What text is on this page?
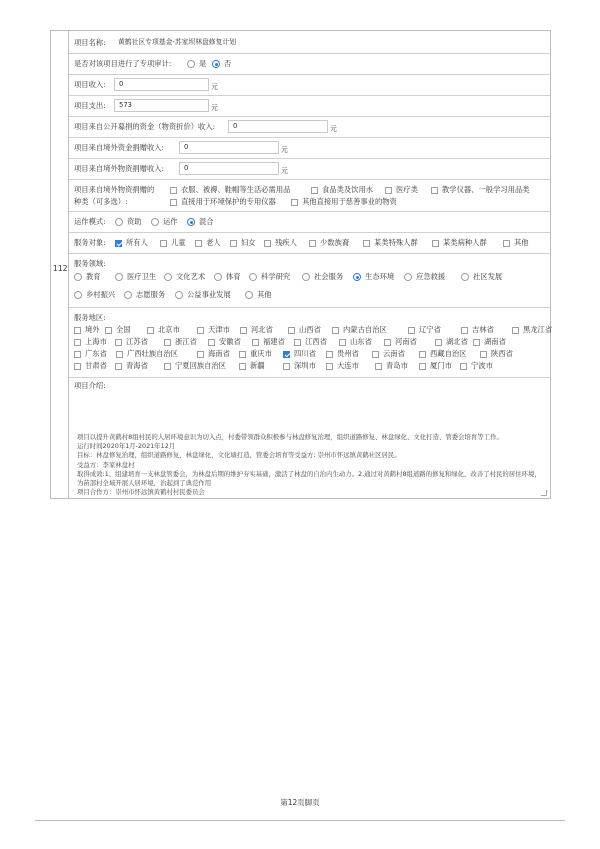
112
项目名称:	黄鹤社区专项基金-苏家坝林盘修复计划
是否对该项目进行了专项审计:	是 否
项目收入:	0	元
项目支出:	573	元
项目来自公开募捐的资金（物资折价）收入:	0	元
项目来自境外资金捐赠收入:	0	元
项目来自境外物资捐赠收入:	0	元
项目来自境外物资捐赠的
种类（可多选）:
衣服、被褥、鞋帽等生活必需用品	食品类及饮用水	医疗类	教学仪器、一般学习用品类
直接用于环境保护的专用仪器	其他直接用于慈善事业的物资
运作模式:	资助	运作	混合
服务对象:	所有人	儿童	老人	妇女	残疾人	少数族裔	某类特殊人群	某类病种人群	其他
服务领域:
教育	医疗卫生	文化艺术	体育	科学研究	社会服务	生态环境	应急救援	社区发展
乡村振兴	志愿服务	公益事业发展	其他
服务地区:
境外 全国	北京市	天津市	河北省	山西省	内蒙古自治区	辽宁省	吉林省	黑龙江省
上海市	江苏省	浙江省	安徽省	福建省	江西省	山东省	河南省	湖北省 湖南省
广东省	广西壮族自治区	海南省	重庆市	四川省	贵州省	云南省	西藏自治区	陕西省
甘肃省	青海省	宁夏回族自治区	新疆	深圳市	大连市	青岛市	厦门市	宁波市
项目介绍:
项目以提升黄鹤村8组村民的人居环境意识为切入点，村委带领群众积极参与林盘修复治理，组织道路修复、林盘绿化、文化打造、管委会培育等工作。
运行时间2020年1月-2021年12月
目标：林盘修复治理，组织道路修复，林盘绿化，文化墙打造，管委会培育等受益方: 崇州市怀远镇黄鹤社区居民。
受益方：李家林盘村
取得成效:1、组建培育一支林盘管委会，为林盘后期的维护夯实基础，激活了林盘的自治内生动力。2.通过对黄鹤村8组道路的修复和绿化，改善了村民的居住环境，为苗部村全域开展人居环境，治起到了典范作用
项目合作方：崇州市怀远镇黄鹤村村民委员会
第12页脚页
